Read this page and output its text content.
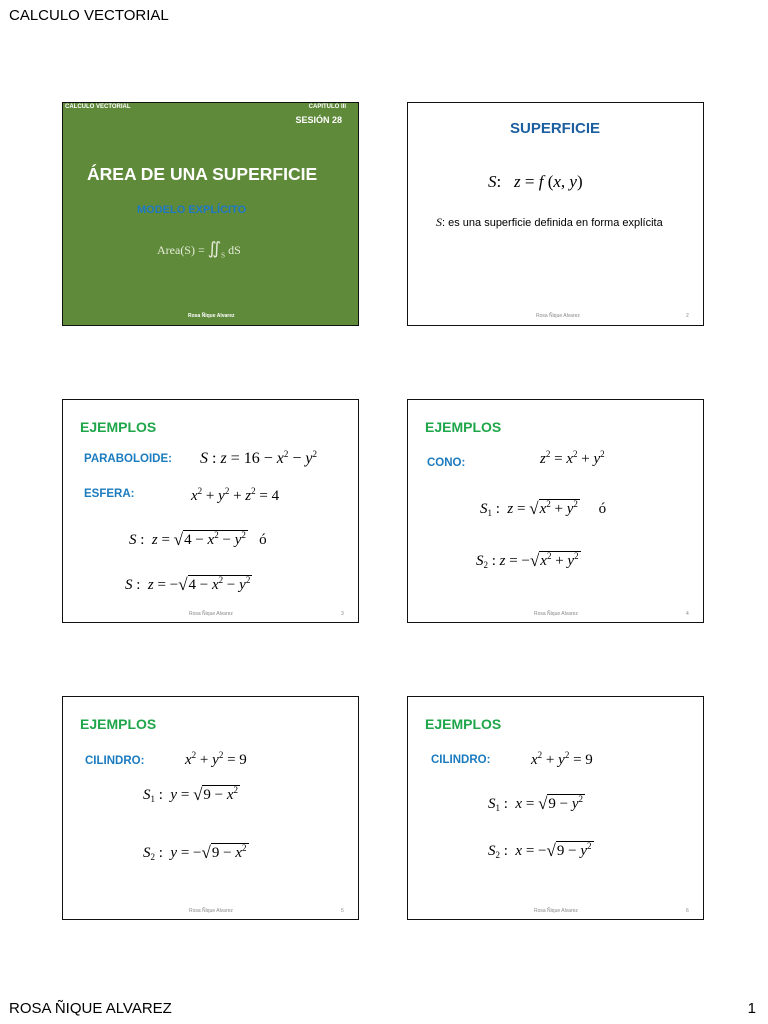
CALCULO VECTORIAL
CALCULO VECTORIAL	CAPITULO III
SESIÓN 28
ÁREA DE UNA SUPERFICIE
MODELO EXPLÍCITO
Area(S) = $∬_S$ dS
Rosa Ñique Alvarez
SUPERFICIE
S:   z = f (x, y)
S: es una superficie definida en forma explícita
Rosa Ñique Alvarez	2
EJEMPLOS
PARABOLOIDE: S : $z = 16 - x^2 - y^2$
ESFERA:	$x^2 + y^2 + z^2 = 4$
S :  $z = √4 - x^2 - y^2$ ó
S :  $z = -√4 - x^2 - y^2$
Rosa Ñique Alvarez	3
EJEMPLOS
CONO:	$z^2 = x^2 + y^2$
$S_1$ :  $z = √x^2 + y^2$ ó
$S_2$ : $z = -√x^2 + y^2$
Rosa Ñique Alvarez	4
EJEMPLOS
CILINDRO:	$x^2 + y^2 = 9$
$S_1$ :  $y = √9 - x^2$
$S_2$ :  $y = -√9 - x^2$
Rosa Ñique Alvarez	5
EJEMPLOS
CILINDRO:	$x^2 + y^2 = 9$
$S_1$ :  $x = √9 - y^2$
$S_2$ :  $x = -√9 - y^2$
Rosa Ñique Alvarez	6
ROSA ÑIQUE ALVAREZ	1
